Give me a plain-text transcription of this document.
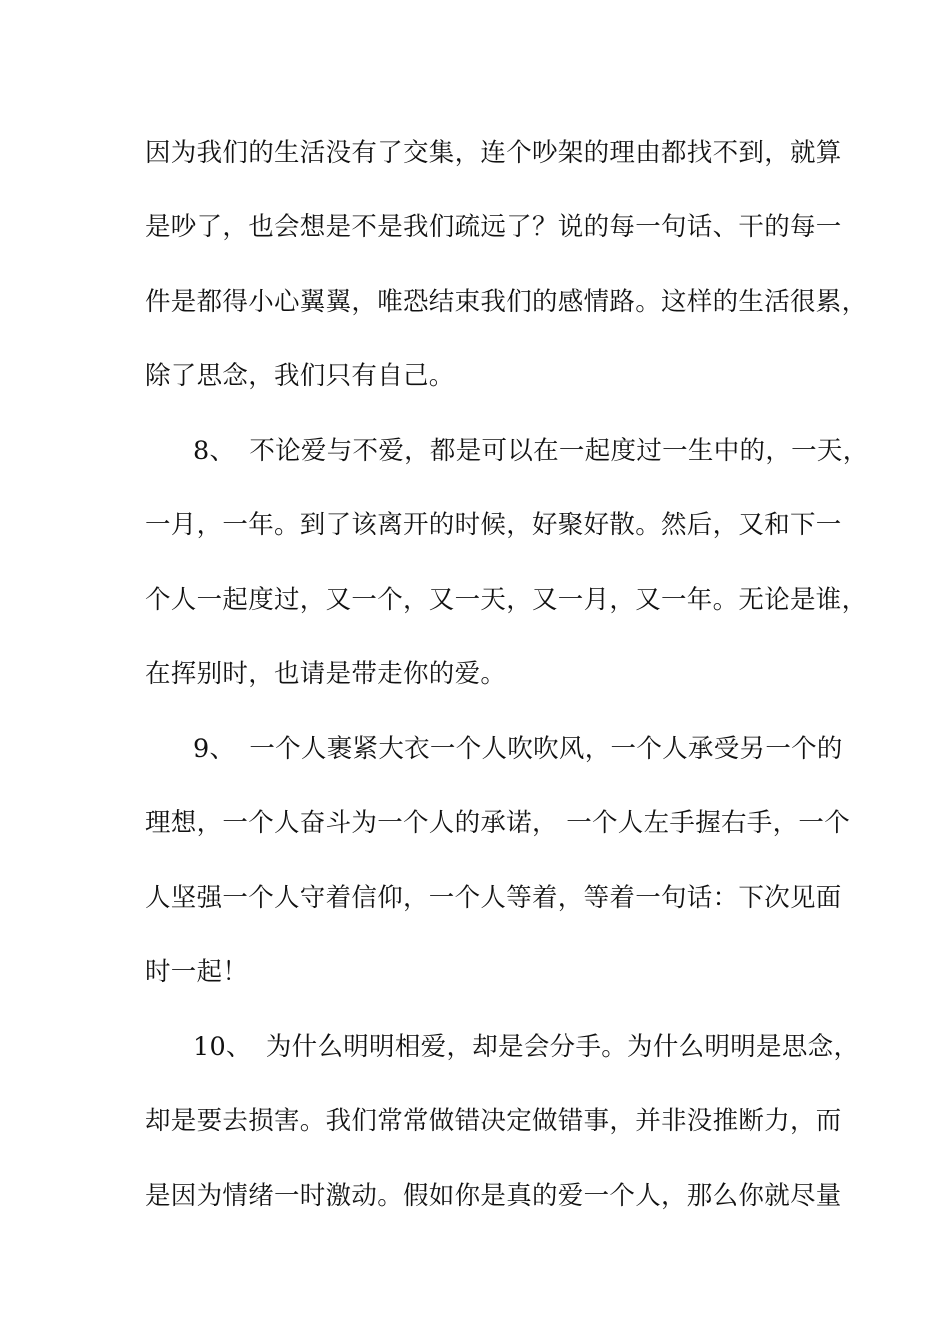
因为我们的生活没有了交集，连个吵架的理由都找不到，就算
是吵了，也会想是不是我们疏远了？说的每一句话、干的每一
件是都得小心翼翼，唯恐结束我们的感情路。这样的生活很累，
除了思念，我们只有自己。
8、 不论爱与不爱，都是可以在一起度过一生中的，一天，
一月，一年。到了该离开的时候，好聚好散。然后，又和下一
个人一起度过，又一个，又一天，又一月，又一年。无论是谁，
在挥别时，也请是带走你的爱。
9、 一个人裹紧大衣一个人吹吹风，一个人承受另一个的
理想，一个人奋斗为一个人的承诺， 一个人左手握右手，一个
人坚强一个人守着信仰，一个人等着，等着一句话：下次见面
时一起！
10、 为什么明明相爱，却是会分手。为什么明明是思念，
却是要去损害。我们常常做错决定做错事，并非没推断力，而
是因为情绪一时激动。假如你是真的爱一个人，那么你就尽量
